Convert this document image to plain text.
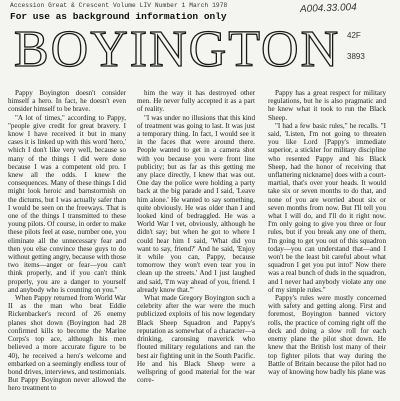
Accession Great & Crescent Volume LIV Number 1 March 1978
For use as background information only
A004.33.004
BOYINGTON 42F
3893

Pappy Boyington doesn't consider himself a hero. In fact, he doesn't even consider himself to be brave.

"A lot of times," according to Pappy, "people give credit for great bravery. I know I have received it but in many cases it is linked up with this word 'hero,' which I don't like very well, because so many of the things I did were done because I was a competent old pro. I knew all the odds. I knew the consequences. Many of these things I did might look heroic and barnstormish on the dictums, but I was actually safer than I would be seen on the freeways. That is one of the things I transmitted to these young pilots. Of course, in order to make these pilots feel at ease, number one, you eliminate all the unnecessary fear and then you else convince these guys to do without getting angry, because with those two items—anger or fear—you can't think properly, and if you can't think properly, you are a danger to yourself and anybody who is counting on you."

When Pappy returned from World War II as the man who beat Eddie Rickenbacker's record of 26 enemy planes shot down (Boyington had 28 confirmed kills to become the Marine Corps's top ace, although his men believed a more accurate figure to be 40), he received a hero's welcome and embarked on a seemingly endless tour of bond drives, interviews, and testimonials. But Pappy Boyington never allowed the hero treatment to

him the way it has destroyed other men. He never fully accepted it as a part of reality.

"I was under no illusions that this kind of treatment was going to last. It was just a temporary thing. In fact, I would see it in the faces that were around there. People wanted to get in a camera shot with you because you were front line publicity; but as far as this getting me any place directly, I knew that was out. One day the police were holding a party back at the big parade and I said, 'Leave him alone.' He wanted to say something, quite obviously. He was older than I and looked kind of bedraggled. He was a World War I vet, obviously, although he didn't say; but when he got to where I could hear him I said, 'What did you want to say, friend?' And he said, 'Enjoy it while you can, Pappy, because tomorrow they won't even tear you in clean up the streets.' And I just laughed and said, 'I'm way ahead of you, friend. I already know that.'"

What made Gregory Boyington such a celebrity after the war were the much publicized exploits of his now legendary Black Sheep Squadron and Pappy's reputation as somewhat of a character—a drinking, carousing maverick who flouted military regulations and ran the best air fighting unit in the South Pacific. He and his Black Sheep were a wellspring of good material for the war corre-

Pappy has a great respect for military regulations, but he is also pragmatic and he knew what it took to run the Black Sheep.

"I had a few basic rules," he recalls. "I said, 'Listen, I'm not going to threaten you like Lord [Pappy's immediate superior, a stickler for military discipline who resented Pappy and his Black Sheep, had the honor of receiving that unflattering nickname] does with a court-martial, that's over your heads. It would take six or seven months to do that, and none of you are worried about six or seven months from now. But I'll tell you what I will do, and I'll do it right now. I'm only going to give you three or four rules, but if you break any one of them, I'm going to get you out of this squadron today—you can understand that—and I won't be the least bit careful about what squadron I get you put into!' Now there was a real bunch of duds in the squadron, and I never had anybody violate any one of my simple rules."

Pappy's rules were mostly concerned with safety and getting along. First and foremost, Boyington banned victory rolls, the practice of coming right off the deck and doing a slow roll for each enemy plane the pilot shot down. He knew that the British lost many of their top fighter pilots that way during the Battle of Britain because the pilot had no way of knowing how badly his plane was
